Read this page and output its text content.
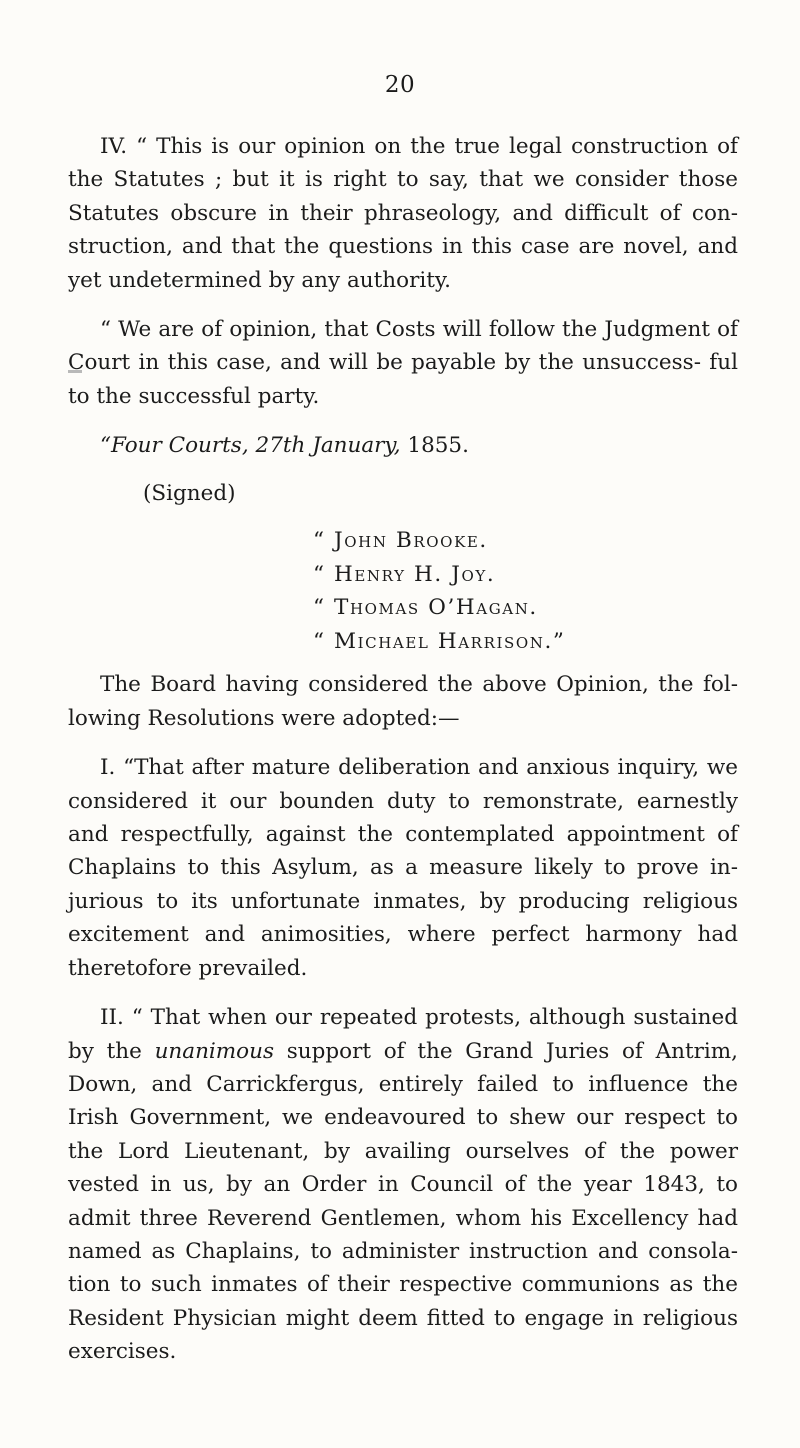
20

IV. “ This is our opinion on the true legal construction of the Statutes ; but it is right to say, that we consider those Statutes obscure in their phraseology, and difficult of con- struction, and that the questions in this case are novel, and yet undetermined by any authority.

“ We are of opinion, that Costs will follow the Judgment of Court in this case, and will be payable by the unsuccess- ful to the successful party.

“Four Courts, 27th January, 1855.

(Signed)

“ John Brooke.
“ Henry H. Joy.
“ Thomas O’Hagan.
“ Michael Harrison.”

The Board having considered the above Opinion, the fol- lowing Resolutions were adopted:—

I. “That after mature deliberation and anxious inquiry, we considered it our bounden duty to remonstrate, earnestly and respectfully, against the contemplated appointment of Chaplains to this Asylum, as a measure likely to prove in- jurious to its unfortunate inmates, by producing religious excitement and animosities, where perfect harmony had theretofore prevailed.

II. “ That when our repeated protests, although sustained by the unanimous support of the Grand Juries of Antrim, Down, and Carrickfergus, entirely failed to influence the Irish Government, we endeavoured to shew our respect to the Lord Lieutenant, by availing ourselves of the power vested in us, by an Order in Council of the year 1843, to admit three Reverend Gentlemen, whom his Excellency had named as Chaplains, to administer instruction and consola- tion to such inmates of their respective communions as the Resident Physician might deem fitted to engage in religious exercises.
